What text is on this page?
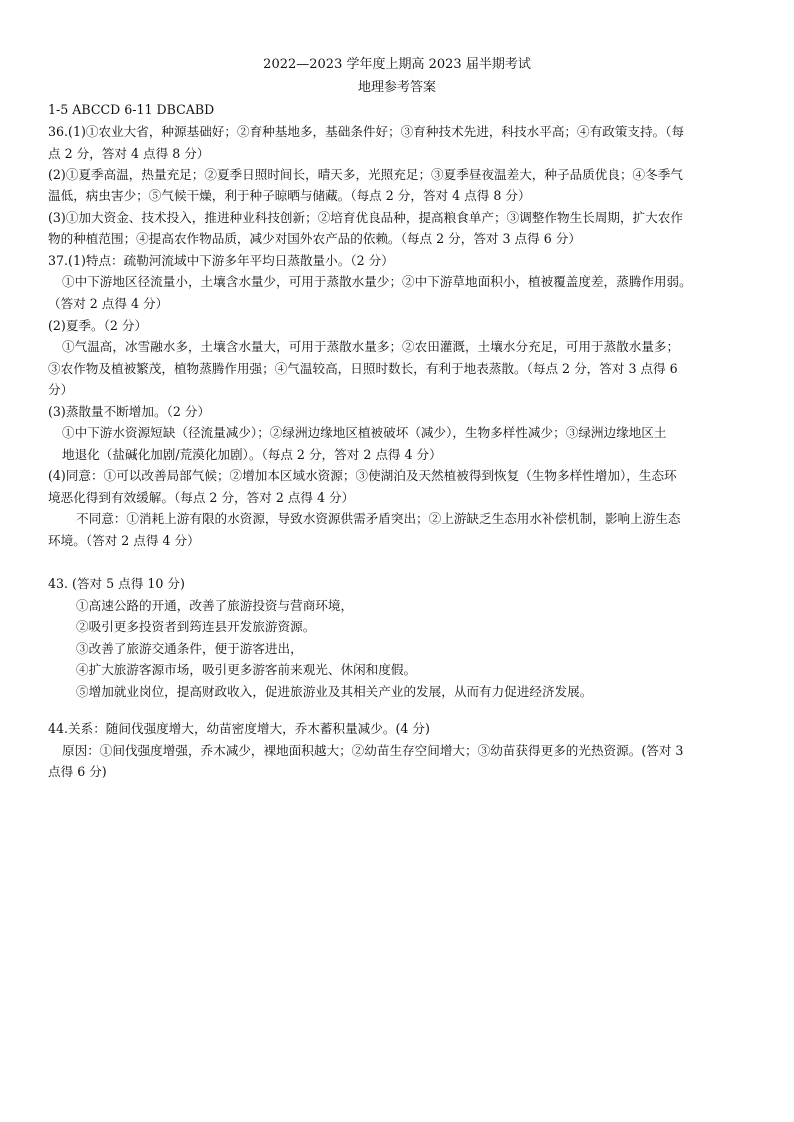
2022—2023 学年度上期高 2023 届半期考试
地理参考答案
1-5 ABCCD 6-11 DBCABD
36.(1)①农业大省，种源基础好；②育种基地多，基础条件好；③育种技术先进，科技水平高；④有政策支持。（每
点 2 分，答对 4 点得 8 分）
(2)①夏季高温，热量充足；②夏季日照时间长，晴天多，光照充足；③夏季昼夜温差大，种子品质优良；④冬季气
温低，病虫害少；⑤气候干燥，利于种子晾晒与储藏。（每点 2 分，答对 4 点得 8 分）
(3)①加大资金、技术投入，推进种业科技创新；②培育优良品种，提高粮食单产；③调整作物生长周期，扩大农作
物的种植范围；④提高农作物品质，减少对国外农产品的依赖。（每点 2 分，答对 3 点得 6 分）
37.(1)特点：疏勒河流域中下游多年平均日蒸散量小。（2 分）
①中下游地区径流量小，土壤含水量少，可用于蒸散水量少；②中下游草地面积小，植被覆盖度差，蒸腾作用弱。
（答对 2 点得 4 分）
(2)夏季。（2 分）
①气温高，冰雪融水多，土壤含水量大，可用于蒸散水量多；②农田灌溉，土壤水分充足，可用于蒸散水量多；
③农作物及植被繁茂，植物蒸腾作用强；④气温较高，日照时数长，有利于地表蒸散。（每点 2 分，答对 3 点得 6
分）
(3)蒸散量不断增加。（2 分）
①中下游水资源短缺（径流量减少）；②绿洲边缘地区植被破坏（减少），生物多样性减少；③绿洲边缘地区土
地退化（盐碱化加剧/荒漠化加剧）。（每点 2 分，答对 2 点得 4 分）
(4)同意：①可以改善局部气候；②增加本区域水资源；③使湖泊及天然植被得到恢复（生物多样性增加），生态环
境恶化得到有效缓解。（每点 2 分，答对 2 点得 4 分）
不同意：①消耗上游有限的水资源，导致水资源供需矛盾突出；②上游缺乏生态用水补偿机制，影响上游生态
环境。（答对 2 点得 4 分）
43. (答对 5 点得 10 分)
①高速公路的开通，改善了旅游投资与营商环境，
②吸引更多投资者到筠连县开发旅游资源。
③改善了旅游交通条件，便于游客进出，
④扩大旅游客源市场，吸引更多游客前来观光、休闲和度假。
⑤增加就业岗位，提高财政收入，促进旅游业及其相关产业的发展，从而有力促进经济发展。
44.关系：随间伐强度增大，幼苗密度增大，乔木蓄积量减少。(4 分)
原因：①间伐强度增强，乔木减少，裸地面积越大；②幼苗生存空间增大；③幼苗获得更多的光热资源。(答对 3
点得 6 分)
